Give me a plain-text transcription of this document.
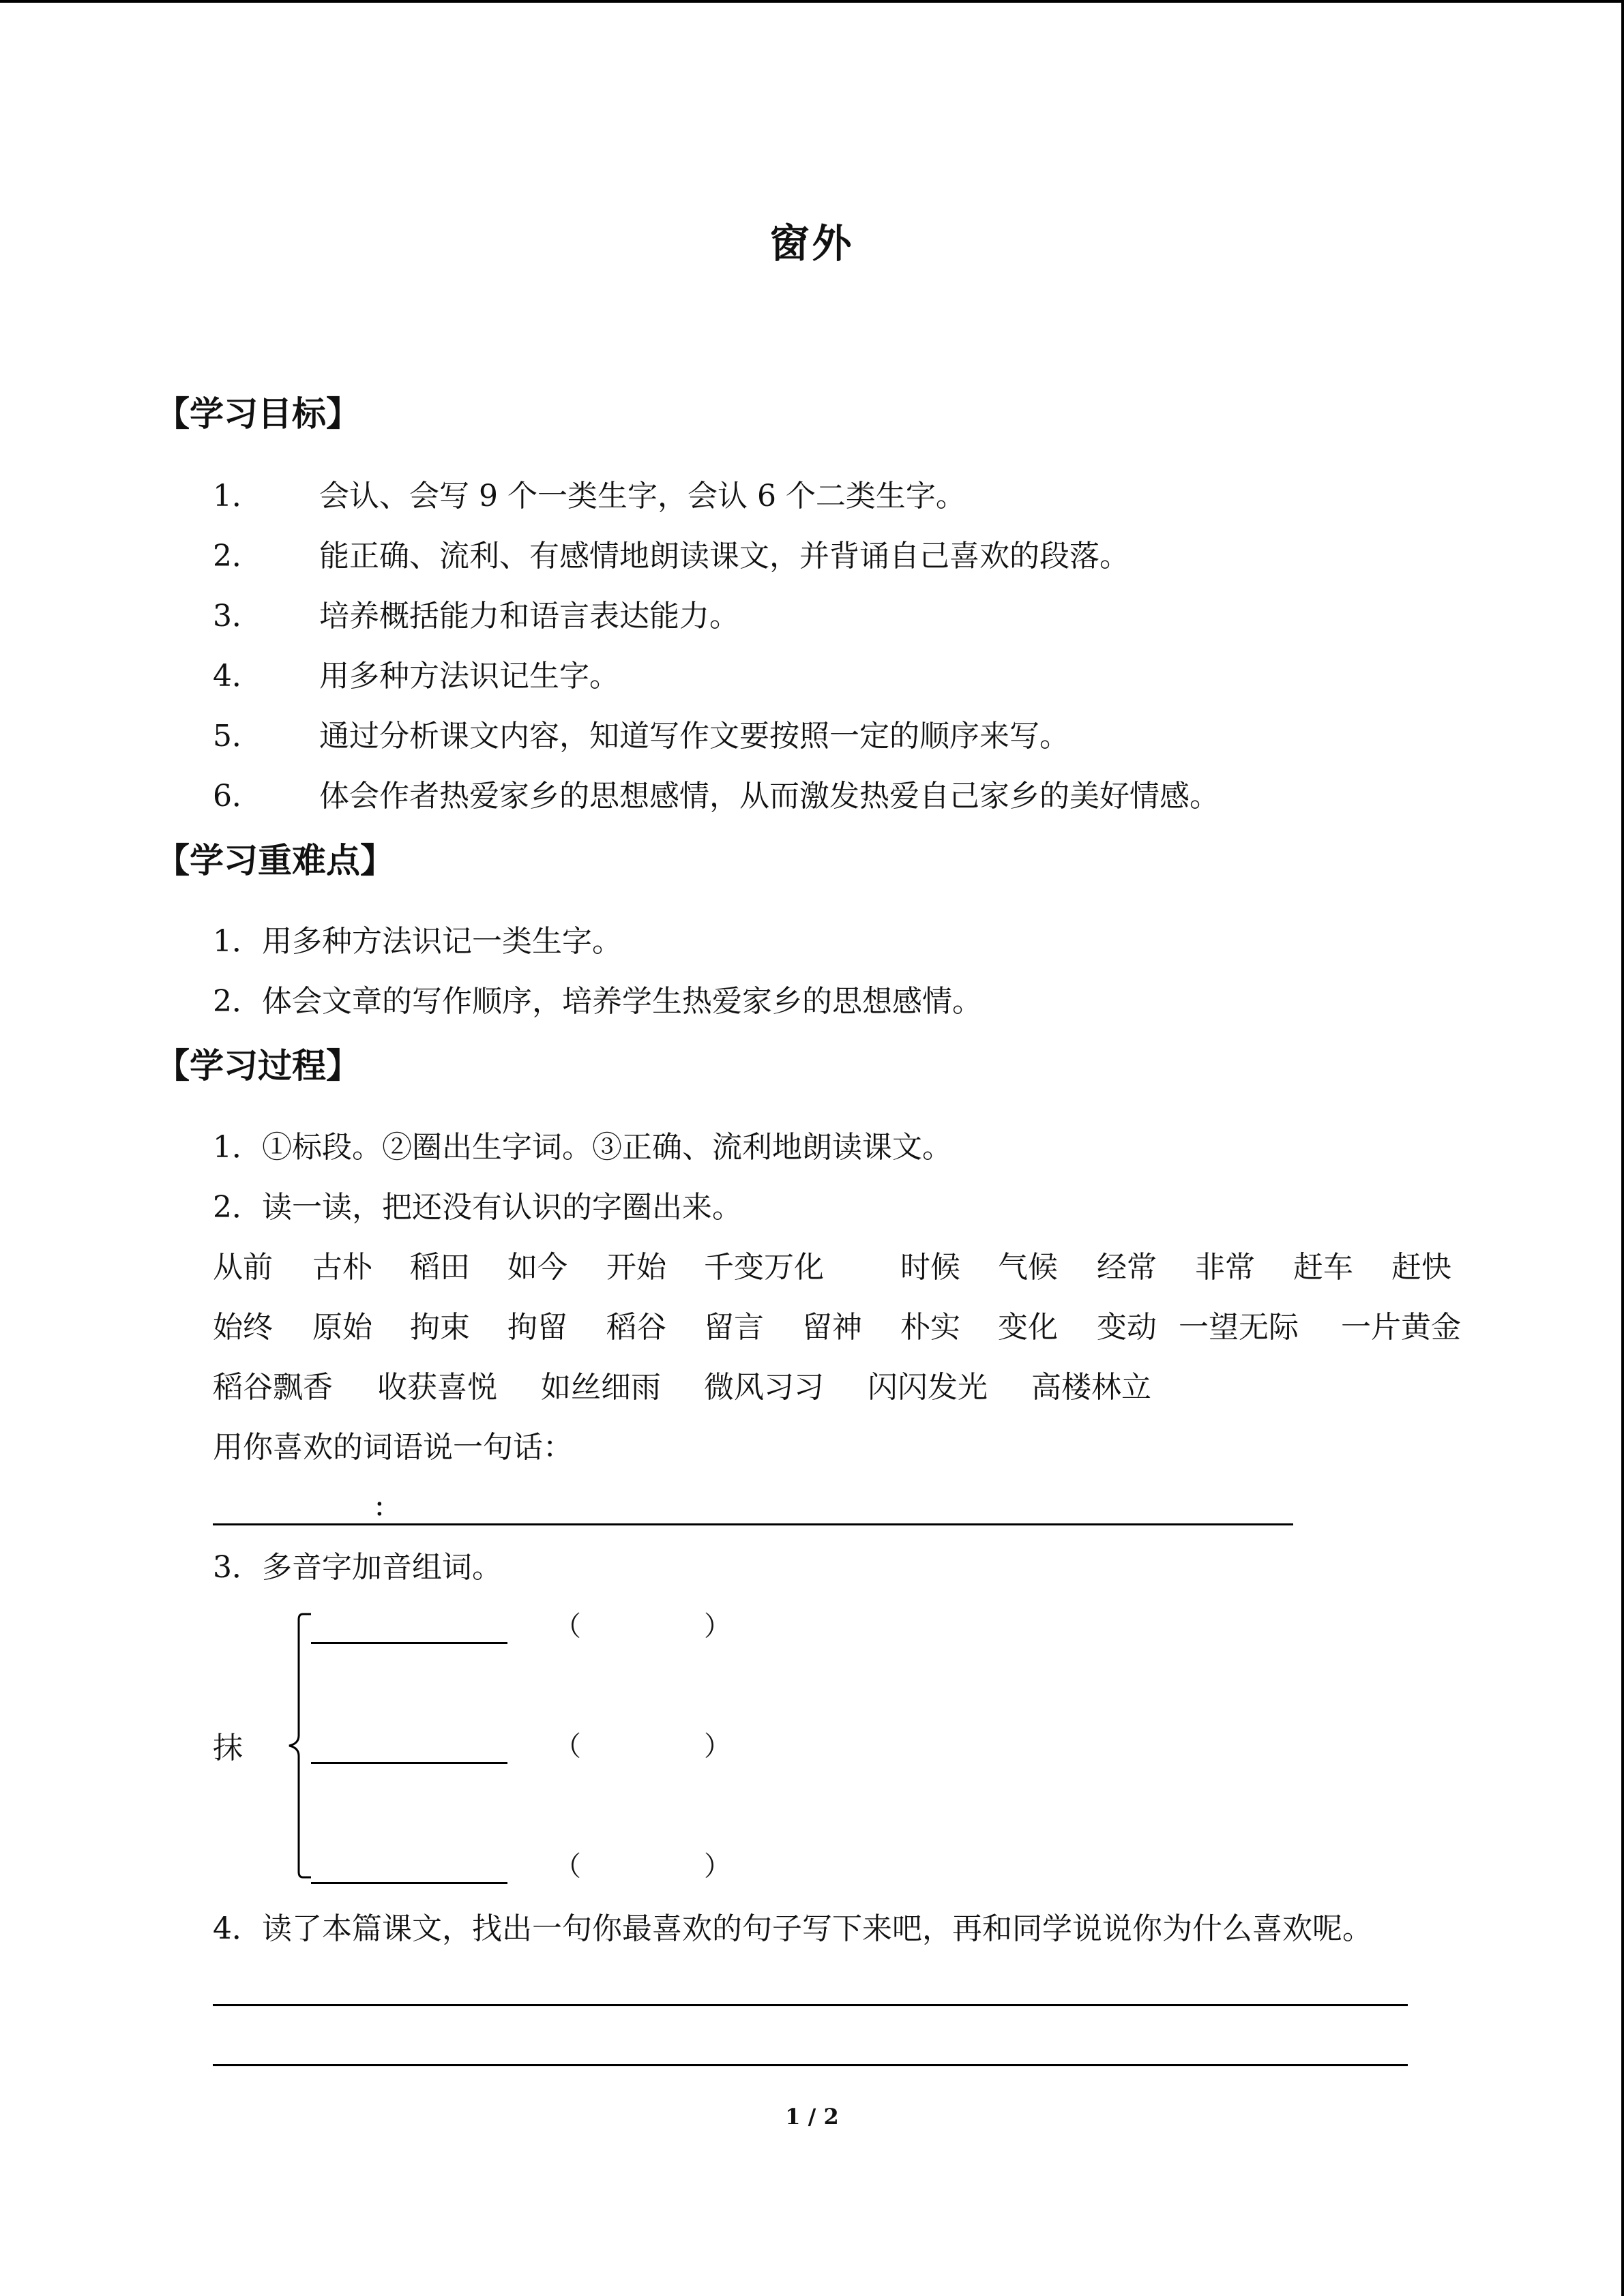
窗外
【学习目标】
1． 会认、会写 9 个一类生字，会认 6 个二类生字。
2． 能正确、流利、有感情地朗读课文，并背诵自己喜欢的段落。
3． 培养概括能力和语言表达能力。
4． 用多种方法识记生字。
5． 通过分析课文内容，知道写作文要按照一定的顺序来写。
6． 体会作者热爱家乡的思想感情，从而激发热爱自己家乡的美好情感。
【学习重难点】
1．用多种方法识记一类生字。
2．体会文章的写作顺序，培养学生热爱家乡的思想感情。
【学习过程】
1．①标段。②圈出生字词。③正确、流利地朗读课文。
2．读一读，把还没有认识的字圈出来。
从前 古朴 稻田 如今 开始 千变万化	时候 气候 经常 非常 赶车 赶快
始终 原始 拘束 拘留 稻谷 留言 留神 朴实 变化 变动 一望无际 一片黄金
稻谷飘香 收获喜悦 如丝细雨 微风习习 闪闪发光 高楼林立
用你喜欢的词语说一句话：
：
3．多音字加音组词。
抹
（	）
（	）
（	）
4．读了本篇课文，找出一句你最喜欢的句子写下来吧，再和同学说说你为什么喜欢呢。
1 / 2
